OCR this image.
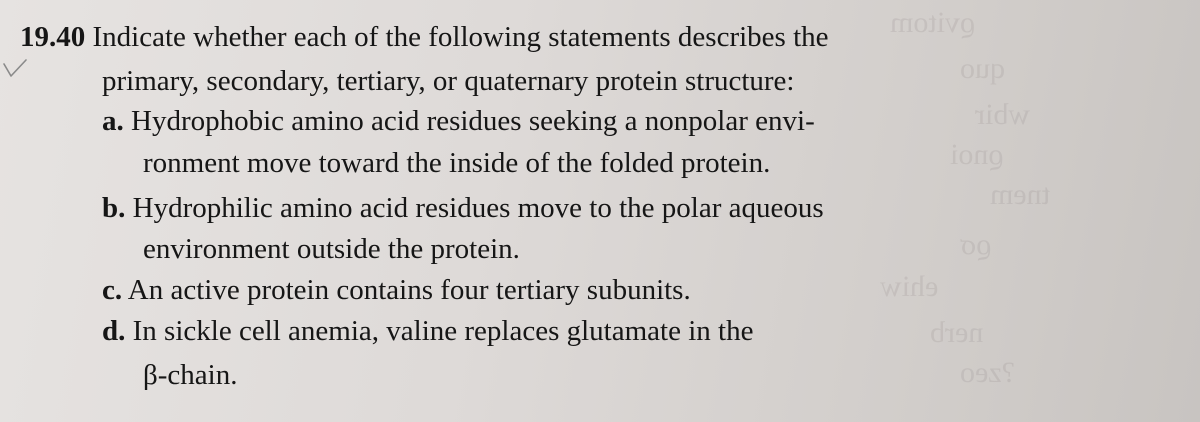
ϱvitom
quo
wbir
ϱnoi
tnem
ϱσ
ehiw
nerb
?zeo
19.40 Indicate whether each of the following statements describes the
primary, secondary, tertiary, or quaternary protein structure:
a. Hydrophobic amino acid residues seeking a nonpolar envi-
ronment move toward the inside of the folded protein.
b. Hydrophilic amino acid residues move to the polar aqueous
environment outside the protein.
c. An active protein contains four tertiary subunits.
d. In sickle cell anemia, valine replaces glutamate in the
β-chain.
